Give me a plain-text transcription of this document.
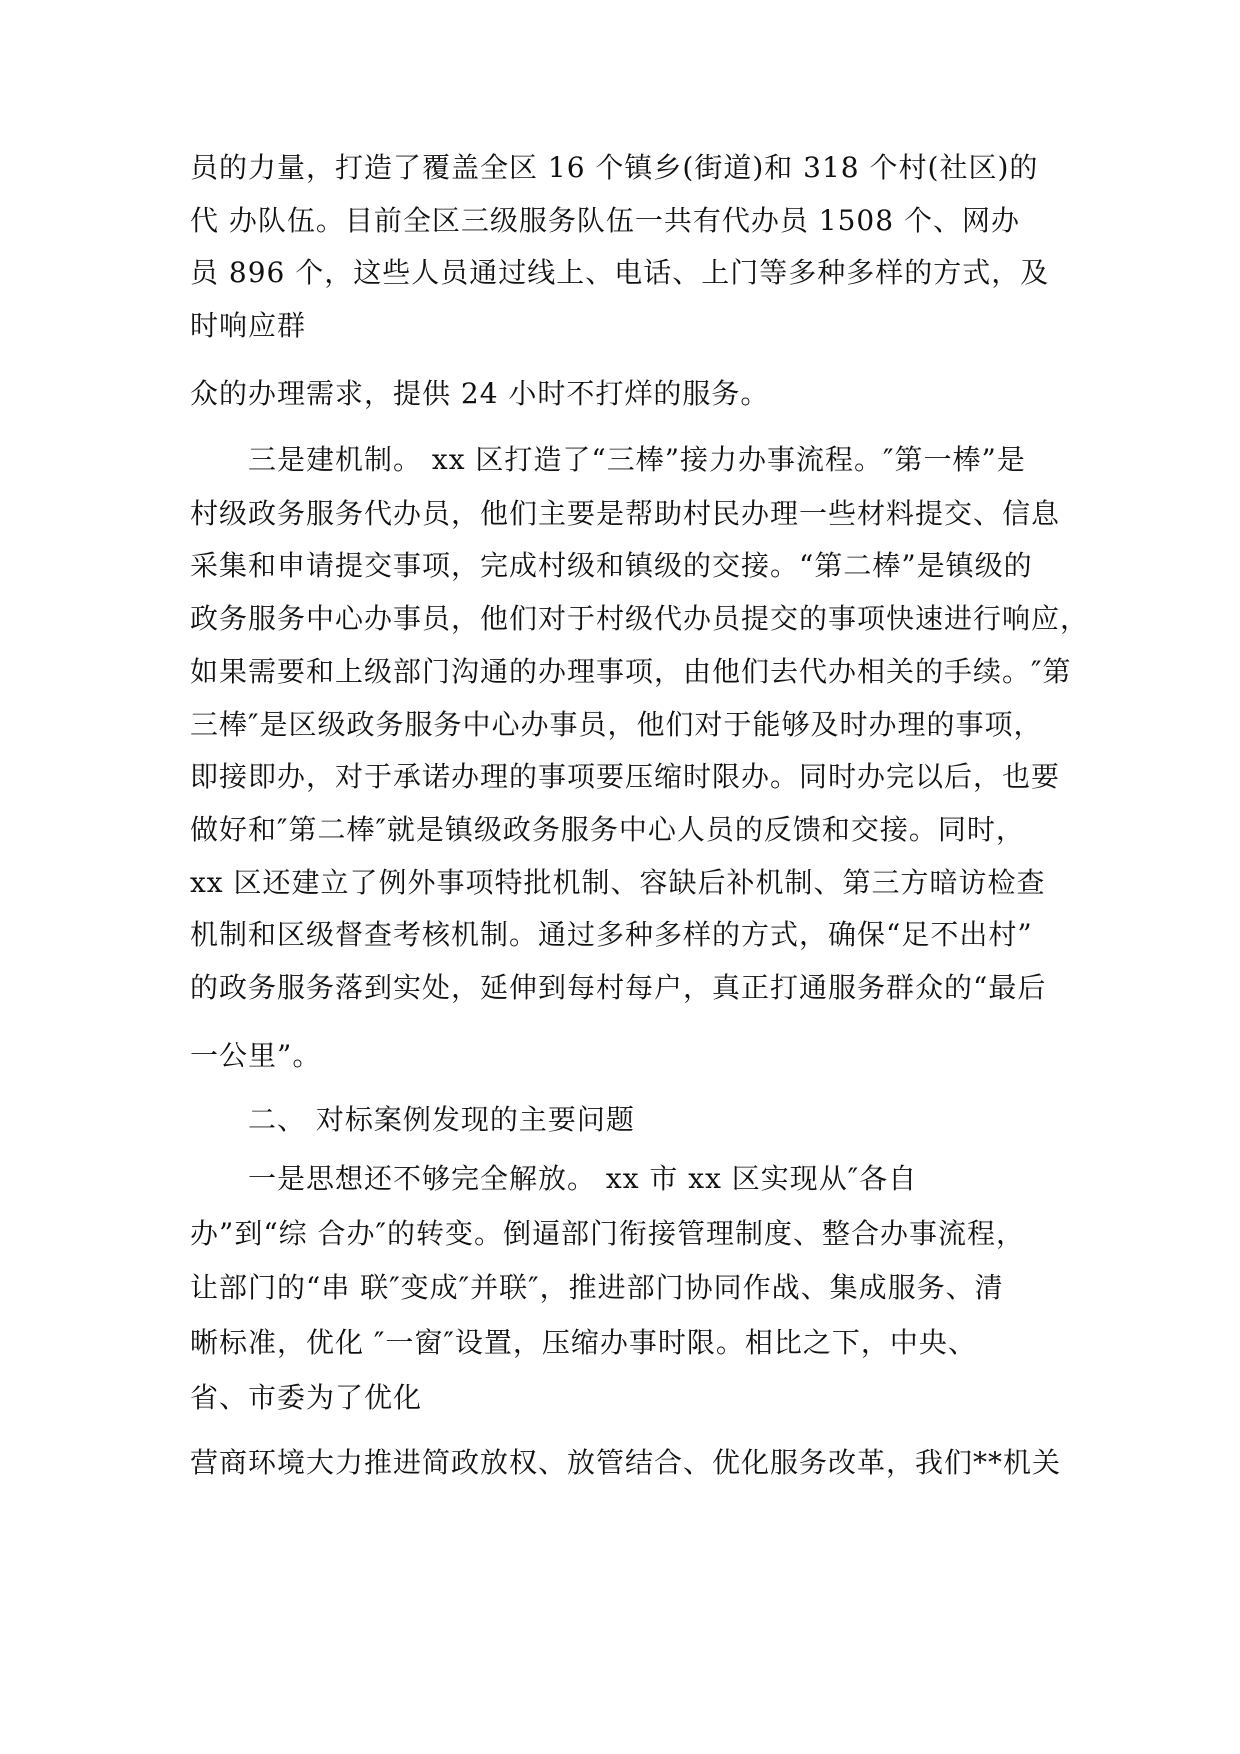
员的力量，打造了覆盖全区 16 个镇乡(街道)和 318 个村(社区)的
代 办队伍。目前全区三级服务队伍一共有代办员 1508 个、网办
员 896 个，这些人员通过线上、电话、上门等多种多样的方式，及
时响应群
众的办理需求，提供 24 小时不打烊的服务。
三是建机制。 xx 区打造了“三棒”接力办事流程。″第一棒”是
村级政务服务代办员，他们主要是帮助村民办理一些材料提交、信息
采集和申请提交事项，完成村级和镇级的交接。“第二棒”是镇级的
政务服务中心办事员，他们对于村级代办员提交的事项快速进行响应，
如果需要和上级部门沟通的办理事项，由他们去代办相关的手续。″第
三棒″是区级政务服务中心办事员，他们对于能够及时办理的事项，
即接即办，对于承诺办理的事项要压缩时限办。同时办完以后，也要
做好和″第二棒″就是镇级政务服务中心人员的反馈和交接。同时，
xx 区还建立了例外事项特批机制、容缺后补机制、第三方暗访检查
机制和区级督查考核机制。通过多种多样的方式，确保“足不出村”
的政务服务落到实处，延伸到每村每户，真正打通服务群众的“最后
一公里”。
二、 对标案例发现的主要问题
一是思想还不够完全解放。 xx 市 xx 区实现从″各自
办”到“综 合办″的转变。倒逼部门衔接管理制度、整合办事流程，
让部门的“串 联″变成″并联″，推进部门协同作战、集成服务、清
晰标准，优化 ″一窗″设置，压缩办事时限。相比之下，中央、
省、市委为了优化
营商环境大力推进简政放权、放管结合、优化服务改革，我们**机关
